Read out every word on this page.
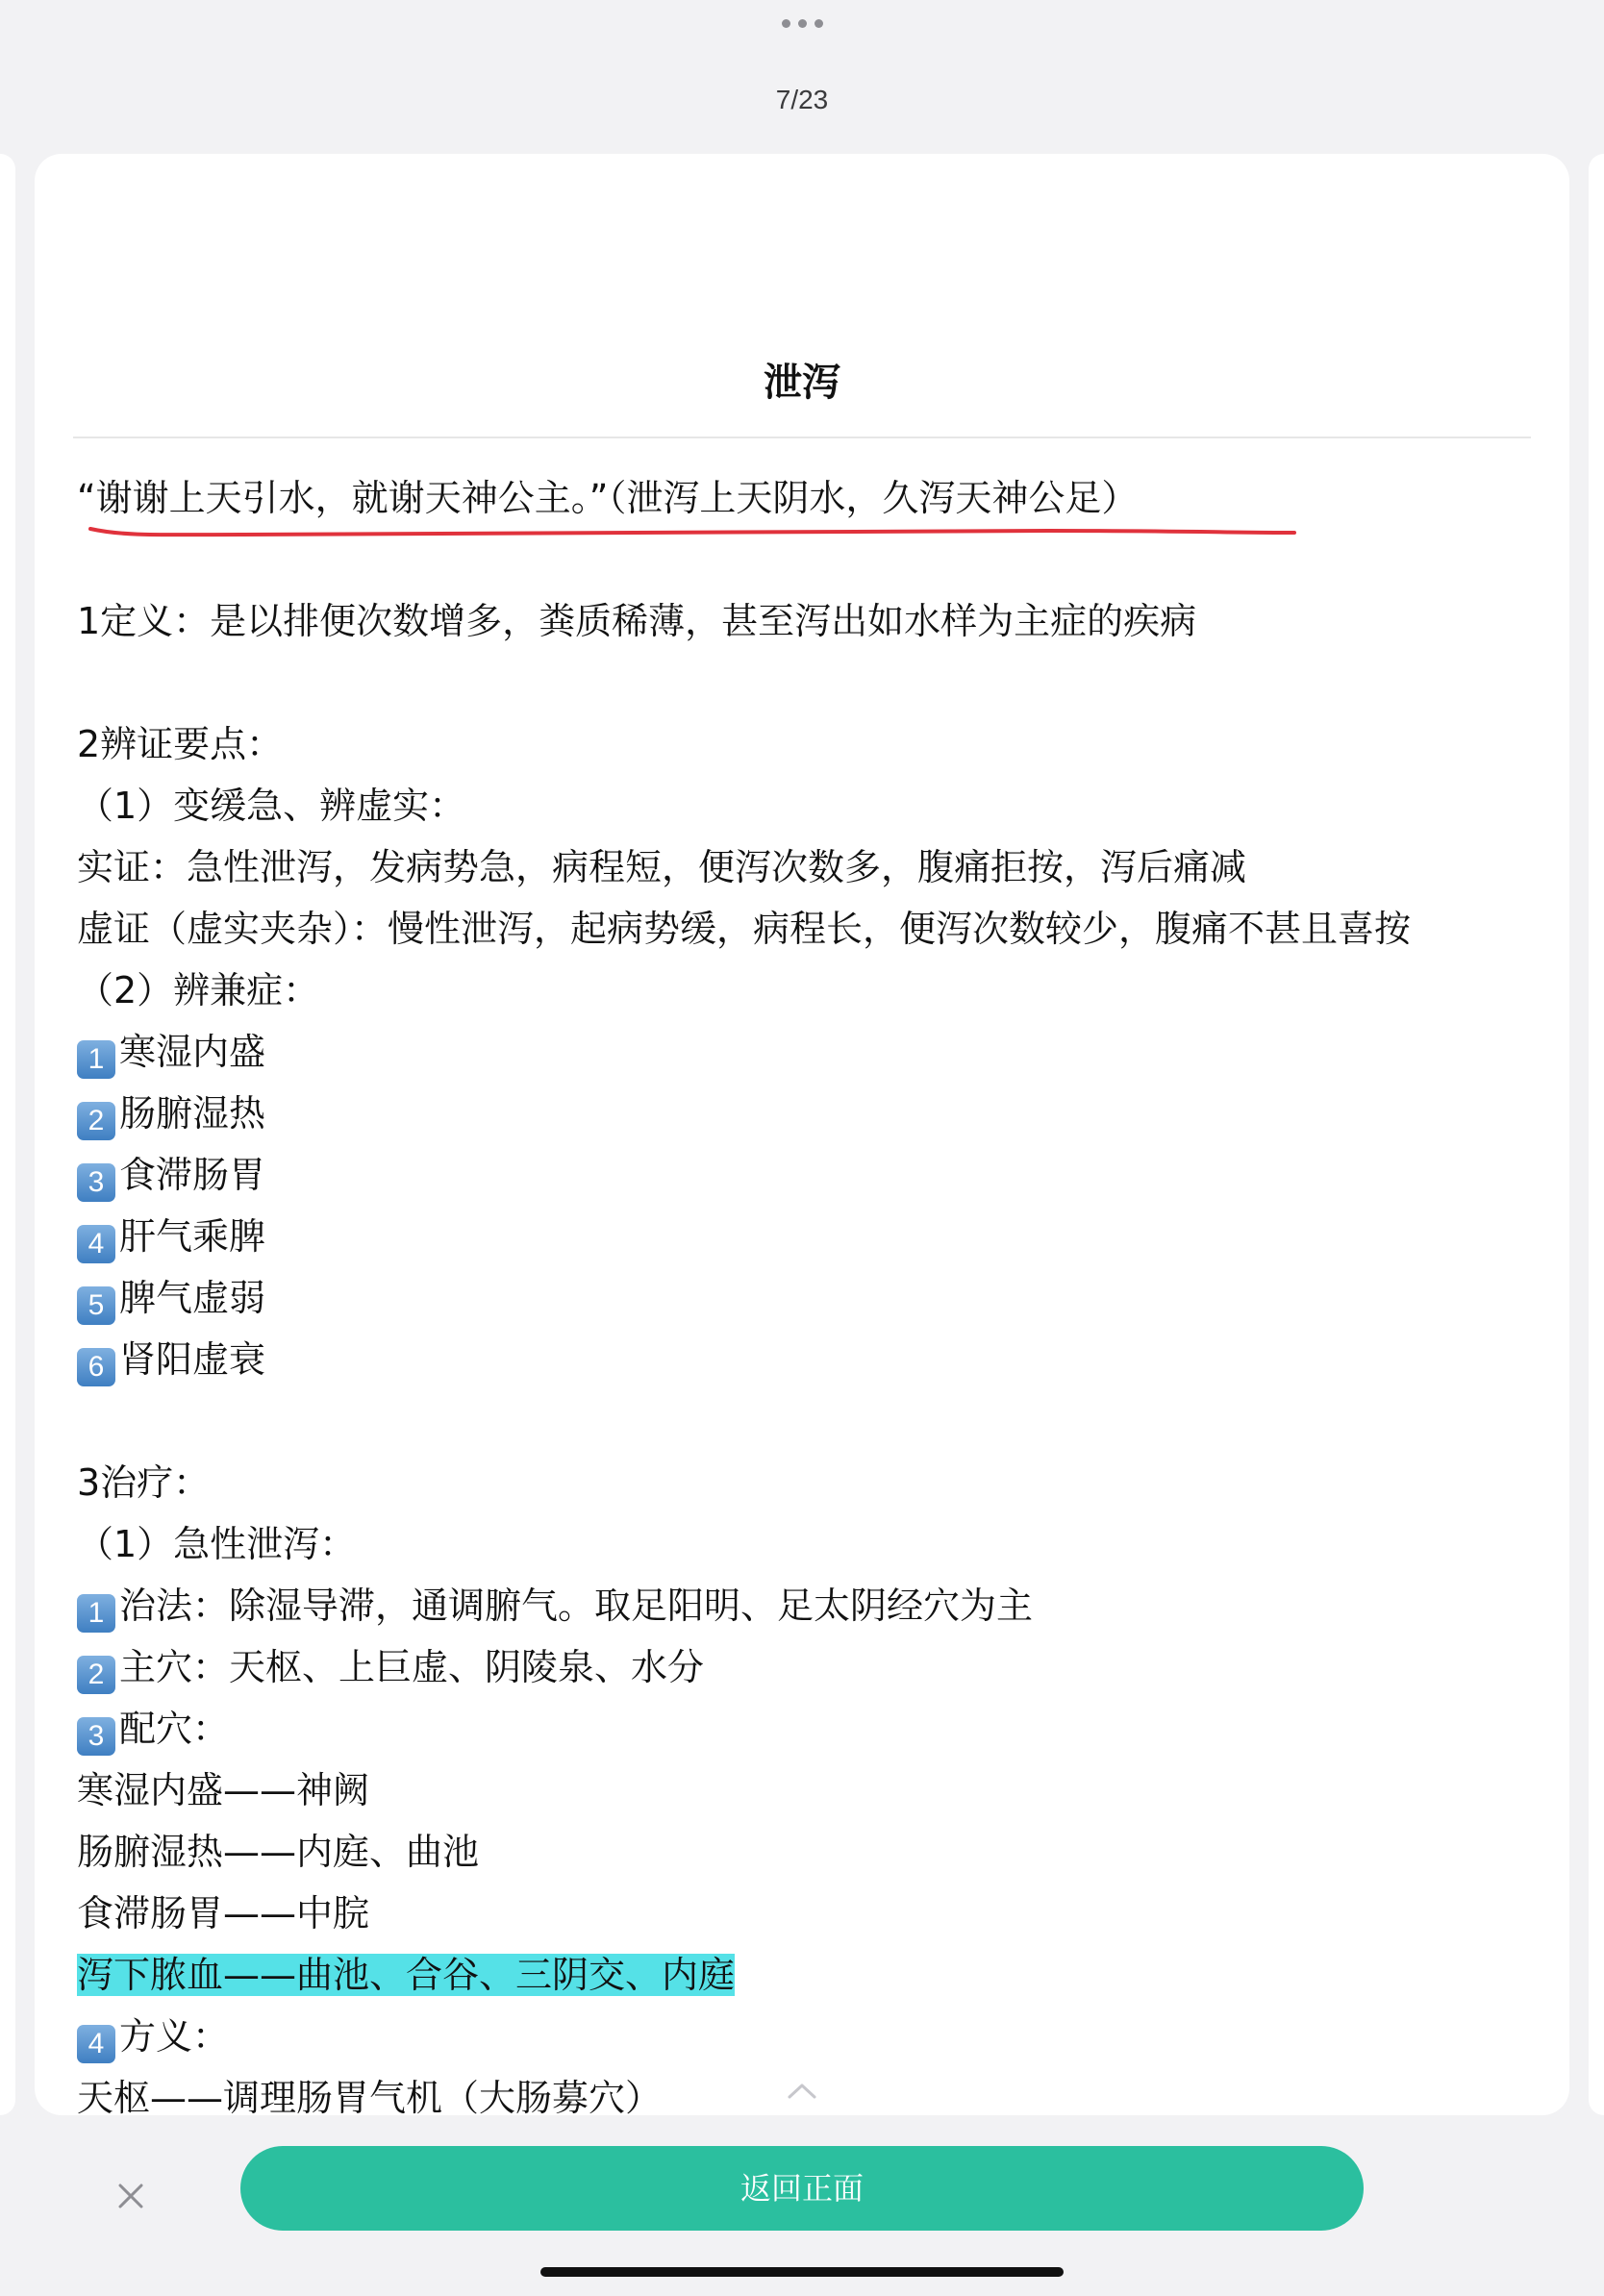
7/23
泄泻
“谢谢上天引水，就谢天神公主。”（泄泻上天阴水，久泻天神公足）
1定义：是以排便次数增多，粪质稀薄，甚至泻出如水样为主症的疾病
2辨证要点：
（1）变缓急、辨虚实：
实证：急性泄泻，发病势急，病程短，便泻次数多，腹痛拒按，泻后痛减
虚证（虚实夹杂）：慢性泄泻，起病势缓，病程长，便泻次数较少，腹痛不甚且喜按
（2）辨兼症：
1 寒湿内盛
2 肠腑湿热
3 食滞肠胃
4 肝气乘脾
5 脾气虚弱
6 肾阳虚衰
3治疗：
（1）急性泄泻：
1 治法：除湿导滞，通调腑气。取足阳明、足太阴经穴为主
2 主穴：天枢、上巨虚、阴陵泉、水分
3 配穴：
寒湿内盛——神阙
肠腑湿热——内庭、曲池
食滞肠胃——中脘
泻下脓血——曲池、合谷、三阴交、内庭
4 方义：
天枢——调理肠胃气机（大肠募穴）
返回正面
